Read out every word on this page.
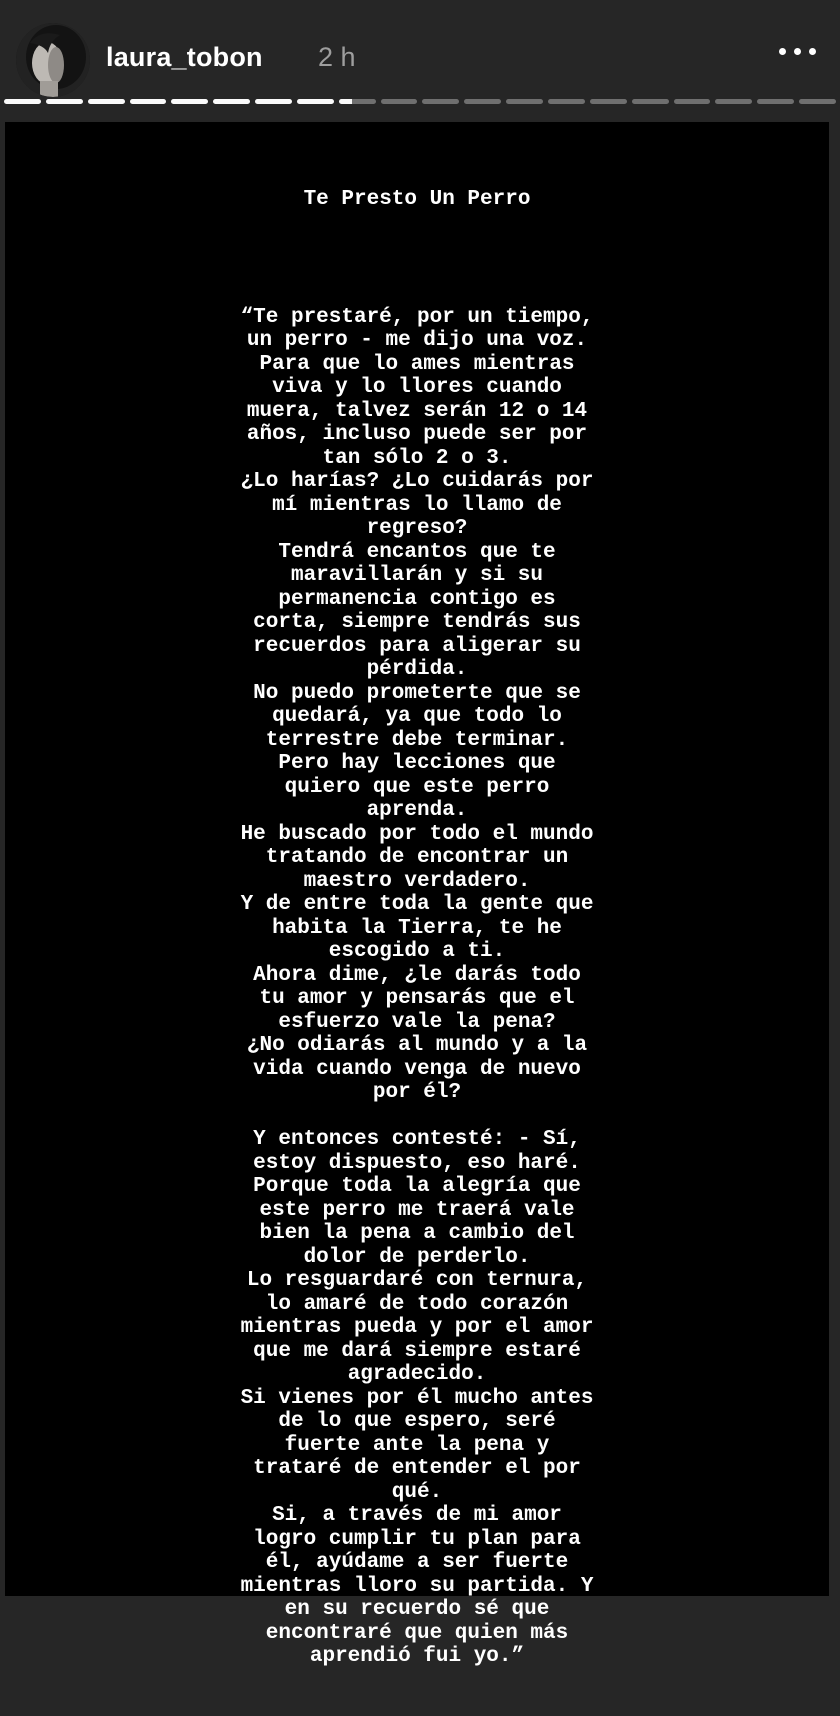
laura_tobon 2 h

Te Presto Un Perro

“Te prestaré, por un tiempo,
un perro - me dijo una voz.
Para que lo ames mientras
viva y lo llores cuando
muera, talvez serán 12 o 14
años, incluso puede ser por
tan sólo 2 o 3.
¿Lo harías? ¿Lo cuidarás por
mí mientras lo llamo de
regreso?
Tendrá encantos que te
maravillarán y si su
permanencia contigo es
corta, siempre tendrás sus
recuerdos para aligerar su
pérdida.
No puedo prometerte que se
quedará, ya que todo lo
terrestre debe terminar.
Pero hay lecciones que
quiero que este perro
aprenda.
He buscado por todo el mundo
tratando de encontrar un
maestro verdadero.
Y de entre toda la gente que
habita la Tierra, te he
escogido a ti.
Ahora dime, ¿le darás todo
tu amor y pensarás que el
esfuerzo vale la pena?
¿No odiarás al mundo y a la
vida cuando venga de nuevo
por él?

Y entonces contesté: - Sí,
estoy dispuesto, eso haré.
Porque toda la alegría que
este perro me traerá vale
bien la pena a cambio del
dolor de perderlo.
Lo resguardaré con ternura,
lo amaré de todo corazón
mientras pueda y por el amor
que me dará siempre estaré
agradecido.
Si vienes por él mucho antes
de lo que espero, seré
fuerte ante la pena y
trataré de entender el por
qué.
Si, a través de mi amor
logro cumplir tu plan para
él, ayúdame a ser fuerte
mientras lloro su partida. Y
en su recuerdo sé que
encontraré que quien más
aprendió fui yo.”
